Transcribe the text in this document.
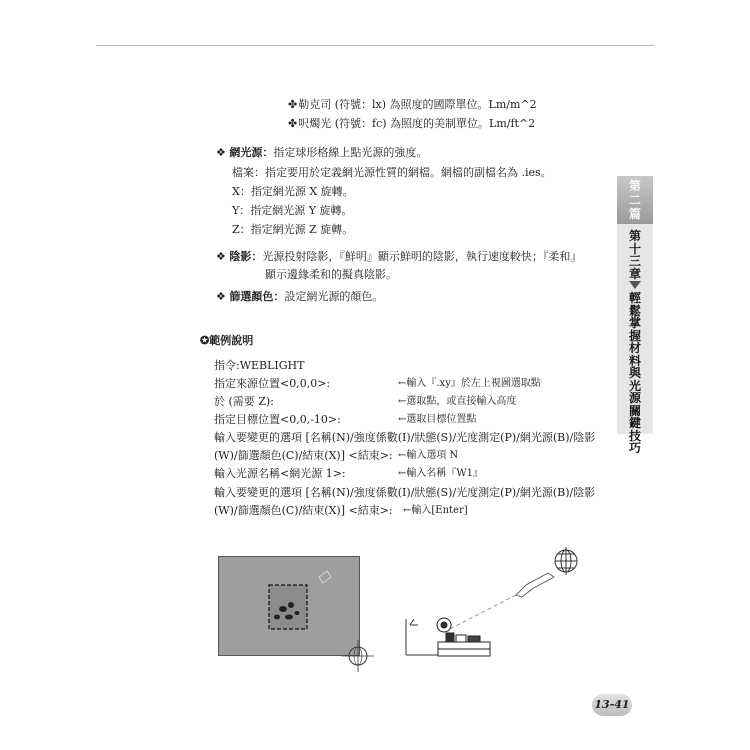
✤勒克司 (符號：lx) 為照度的國際單位。Lm/m^2
✤呎燭光 (符號：fc) 為照度的美制單位。Lm/ft^2
❖ 網光源：指定球形格線上點光源的強度。
檔案：指定要用於定義網光源性質的網檔。網檔的副檔名為 .ies。
X：指定網光源 X 旋轉。
Y：指定網光源 Y 旋轉。
Z：指定網光源 Z 旋轉。
❖ 陰影：光源投射陰影，『鮮明』顯示鮮明的陰影，執行速度較快；『柔和』
顯示邊緣柔和的擬真陰影。
❖ 篩選顏色：設定網光源的顏色。
✪範例說明
指令:WEBLIGHT
指定來源位置<0,0,0>:	←輸入『.xy』於左上視圖選取點
於 (需要 Z):	←選取點，或直接輸入高度
指定目標位置<0,0,-10>:	←選取目標位置點
輸入要變更的選項 [名稱(N)/強度係數(I)/狀態(S)/光度測定(P)/網光源(B)/陰影
(W)/篩選顏色(C)/結束(X)] <結束>: ←輸入選項 N
輸入光源名稱<網光源 1>:	←輸入名稱『W1』
輸入要變更的選項 [名稱(N)/強度係數(I)/狀態(S)/光度測定(P)/網光源(B)/陰影
(W)/篩選顏色(C)/結束(X)] <結束>: ←輸入[Enter]
第二篇
第十三章
輕鬆掌握材料與光源關鍵技巧
13-41
